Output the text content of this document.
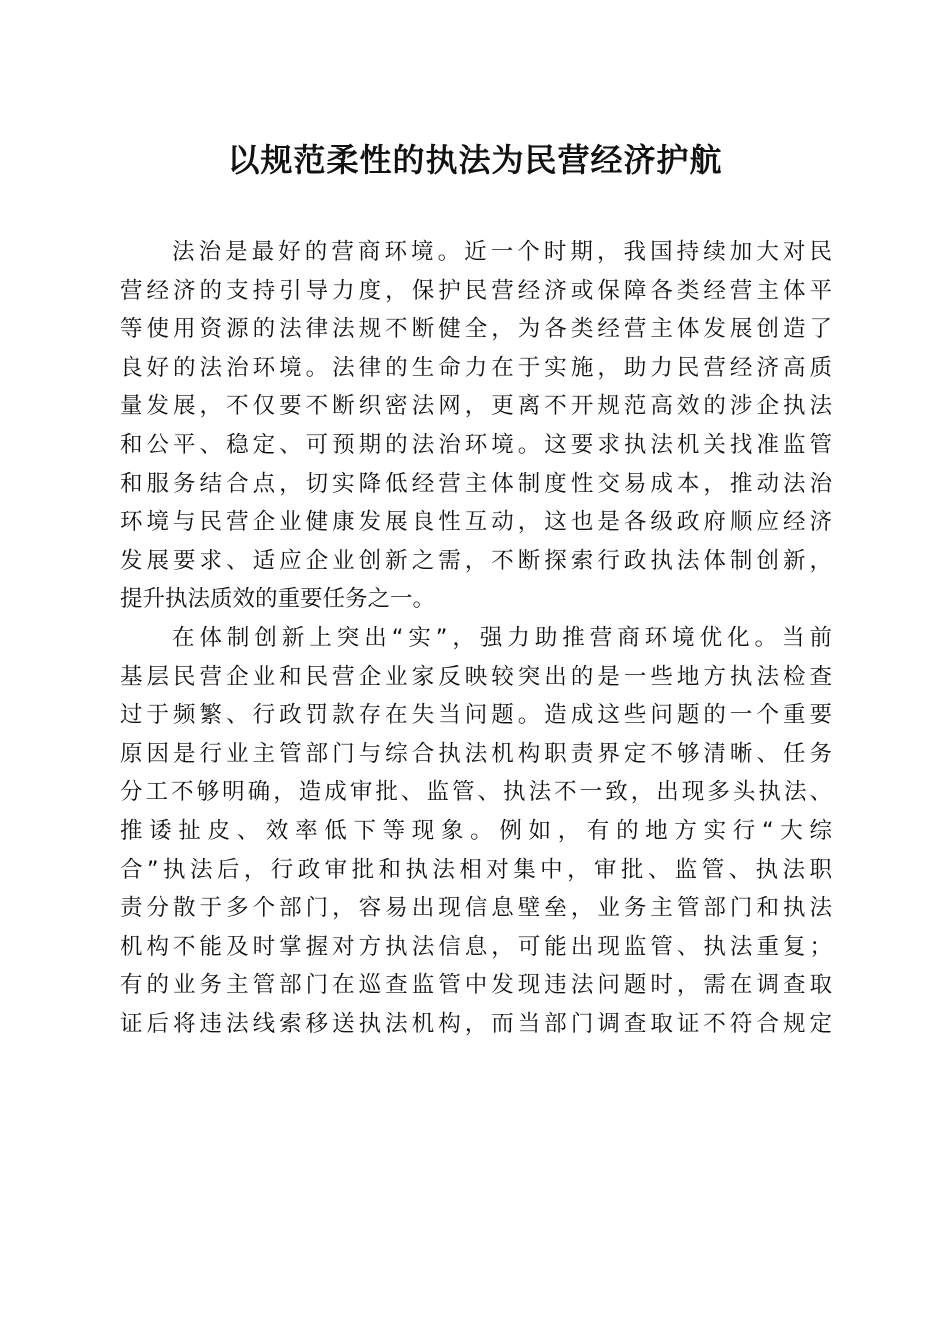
以规范柔性的执法为民营经济护航
法治是最好的营商环境。近一个时期，我国持续加大对民
营经济的支持引导力度，保护民营经济或保障各类经营主体平
等使用资源的法律法规不断健全，为各类经营主体发展创造了
良好的法治环境。法律的生命力在于实施，助力民营经济高质
量发展，不仅要不断织密法网，更离不开规范高效的涉企执法
和公平、稳定、可预期的法治环境。这要求执法机关找准监管
和服务结合点，切实降低经营主体制度性交易成本，推动法治
环境与民营企业健康发展良性互动，这也是各级政府顺应经济
发展要求、适应企业创新之需，不断探索行政执法体制创新，
提升执法质效的重要任务之一。
在体制创新上突出“实”，强力助推营商环境优化。当前
基层民营企业和民营企业家反映较突出的是一些地方执法检查
过于频繁、行政罚款存在失当问题。造成这些问题的一个重要
原因是行业主管部门与综合执法机构职责界定不够清晰、任务
分工不够明确，造成审批、监管、执法不一致，出现多头执法、
推诿扯皮、效率低下等现象。例如，有的地方实行“大综
合”执法后，行政审批和执法相对集中，审批、监管、执法职
责分散于多个部门，容易出现信息壁垒，业务主管部门和执法
机构不能及时掌握对方执法信息，可能出现监管、执法重复；
有的业务主管部门在巡查监管中发现违法问题时，需在调查取
证后将违法线索移送执法机构，而当部门调查取证不符合规定
